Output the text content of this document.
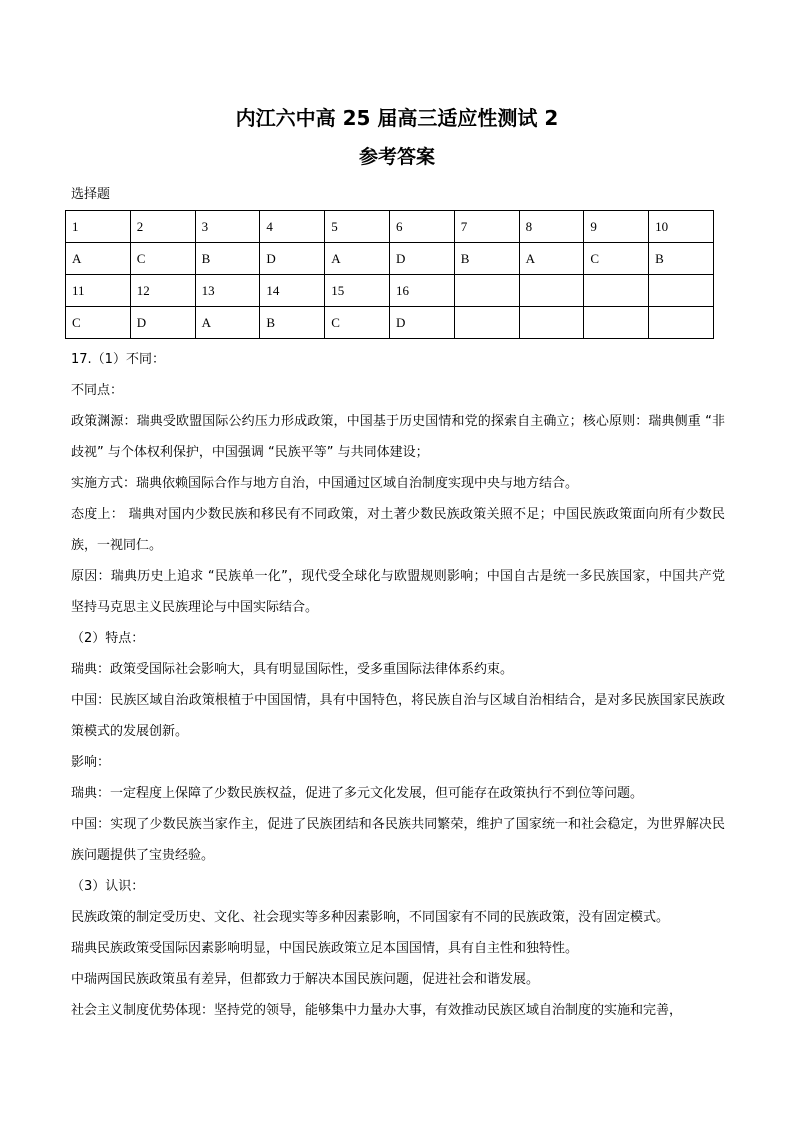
内江六中高 25 届高三适应性测试 2
参考答案
选择题
1	2	3	4	5	6	7	8	9	10
A	C	B	D	A	D	B	A	C	B
11	12	13	14	15	16				
C	D	A	B	C	D				

17.（1）不同：

不同点：

政策渊源：瑞典受欧盟国际公约压力形成政策，中国基于历史国情和党的探索自主确立；核心原则：瑞典侧重 “非歧视” 与个体权利保护，中国强调 “民族平等” 与共同体建设；

实施方式：瑞典依赖国际合作与地方自治，中国通过区域自治制度实现中央与地方结合。

态度上： 瑞典对国内少数民族和移民有不同政策，对土著少数民族政策关照不足；中国民族政策面向所有少数民族，一视同仁。

原因：瑞典历史上追求 “民族单一化”，现代受全球化与欧盟规则影响；中国自古是统一多民族国家，中国共产党坚持马克思主义民族理论与中国实际结合。

（2）特点：

瑞典：政策受国际社会影响大，具有明显国际性，受多重国际法律体系约束。

中国：民族区域自治政策根植于中国国情，具有中国特色，将民族自治与区域自治相结合，是对多民族国家民族政策模式的发展创新。

影响：

瑞典：一定程度上保障了少数民族权益，促进了多元文化发展，但可能存在政策执行不到位等问题。

中国：实现了少数民族当家作主，促进了民族团结和各民族共同繁荣，维护了国家统一和社会稳定，为世界解决民族问题提供了宝贵经验。

（3）认识：

民族政策的制定受历史、文化、社会现实等多种因素影响，不同国家有不同的民族政策，没有固定模式。

瑞典民族政策受国际因素影响明显，中国民族政策立足本国国情，具有自主性和独特性。

中瑞两国民族政策虽有差异，但都致力于解决本国民族问题，促进社会和谐发展。

社会主义制度优势体现：坚持党的领导，能够集中力量办大事，有效推动民族区域自治制度的实施和完善，
